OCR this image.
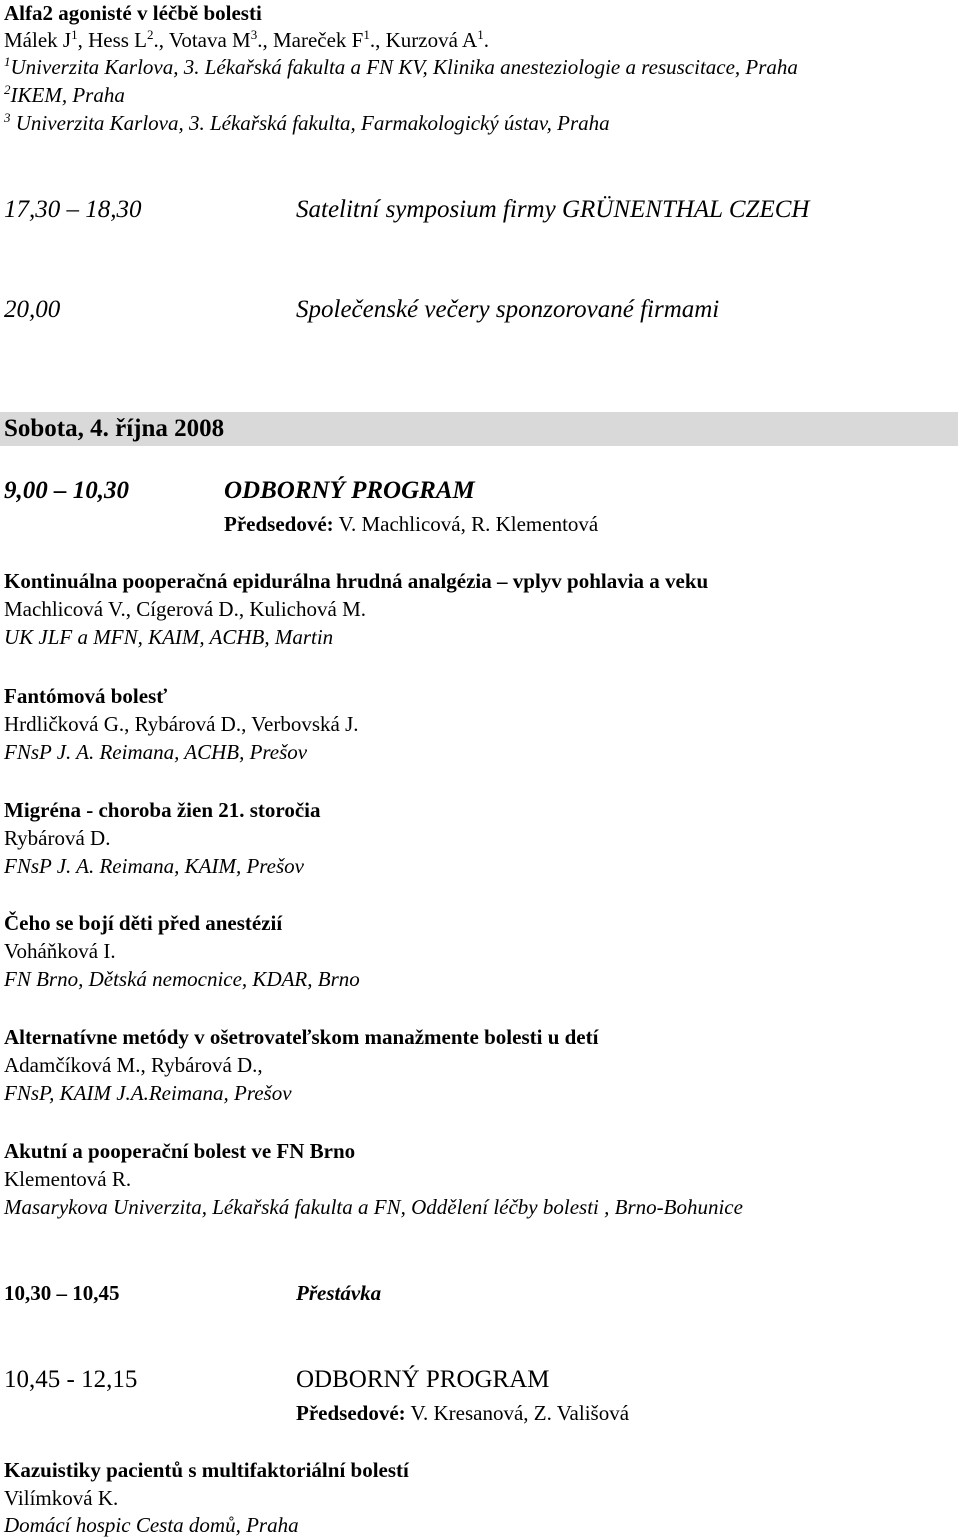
Alfa2 agonisté v léčbě bolesti
Málek $J^1$, Hess $L^2$., Votava $M^3$., Mareček $F^1$., Kurzová $A^1$.
$^1$Univerzita Karlova, 3. Lékařská fakulta a FN KV, Klinika anesteziologie a resuscitace, Praha
$^2$IKEM, Praha
$^3$ Univerzita Karlova, 3. Lékařská fakulta, Farmakologický ústav, Praha
17,30 – 18,30	Satelitní symposium firmy GRÜNENTHAL CZECH
20,00	Společenské večery sponzorované firmami
Sobota, 4. října 2008
9,00 – 10,30	ODBORNÝ PROGRAM
Předsedové: V. Machlicová, R. Klementová
Kontinuálna pooperačná epidurálna hrudná analgézia – vplyv pohlavia a veku
Machlicová V., Cígerová D., Kulichová M.
UK JLF a MFN, KAIM, ACHB, Martin
Fantómová bolesť
Hrdličková G., Rybárová D., Verbovská J.
FNsP J. A. Reimana, ACHB, Prešov
Migréna - choroba žien 21. storočia
Rybárová D.
FNsP J. A. Reimana, KAIM, Prešov
Čeho se bojí děti před anestézií
Voháňková I.
FN Brno, Dětská nemocnice, KDAR, Brno
Alternatívne metódy v ošetrovateľskom manažmente bolesti u detí
Adamčíková M., Rybárová D.,
FNsP, KAIM J.A.Reimana, Prešov
Akutní a pooperační bolest ve FN Brno
Klementová R.
Masarykova Univerzita, Lékařská fakulta a FN, Oddělení léčby bolesti , Brno-Bohunice
10,30 – 10,45	Přestávka
10,45 - 12,15	ODBORNÝ PROGRAM
Předsedové: V. Kresanová, Z. Vališová
Kazuistiky pacientů s multifaktoriální bolestí
Vilímková K.
Domácí hospic Cesta domů, Praha
